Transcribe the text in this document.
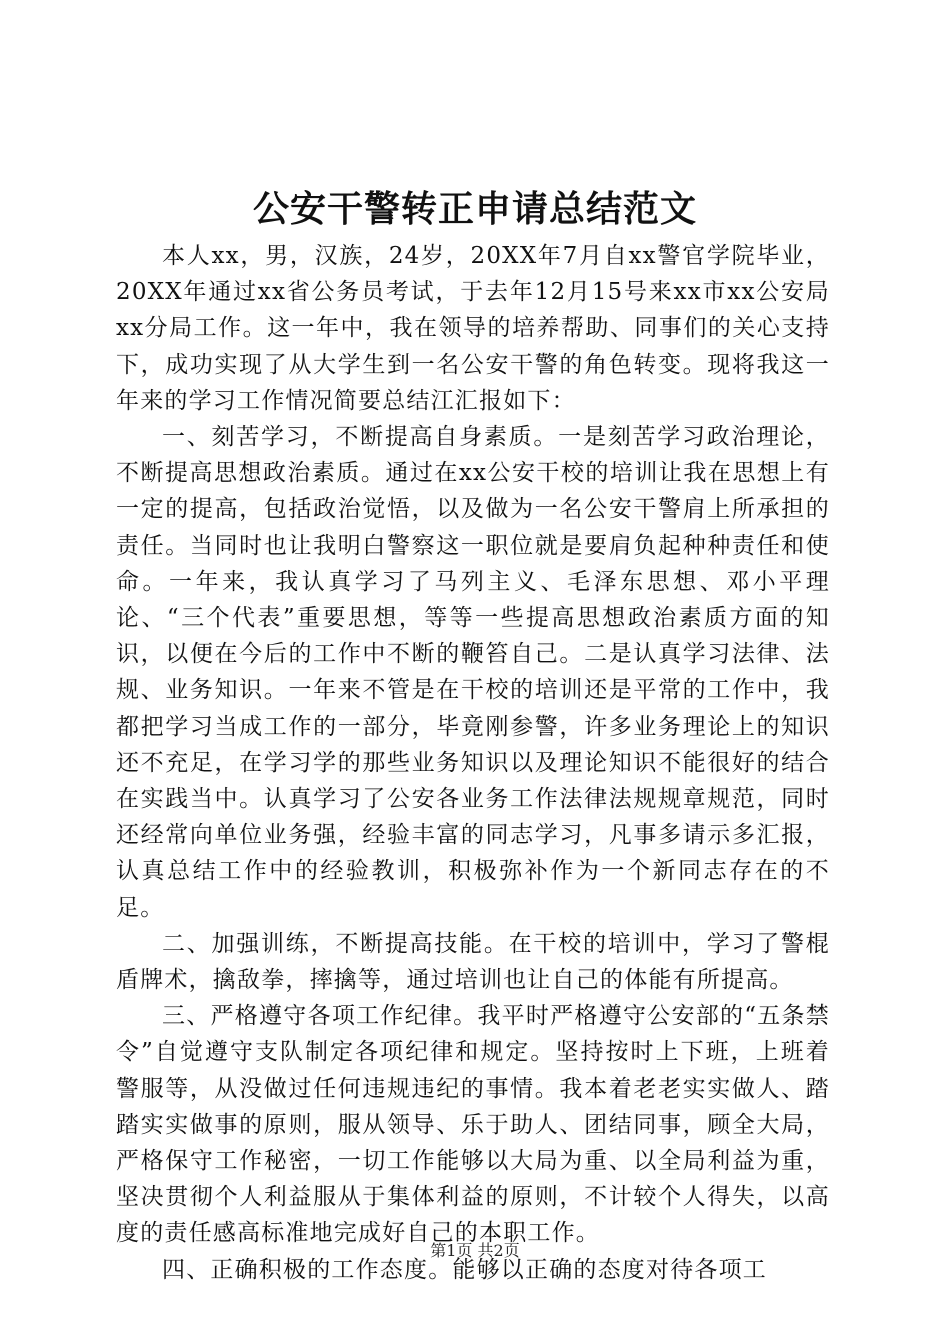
公安干警转正申请总结范文

本人xx，男，汉族，24岁，20XX年7月自xx警官学院毕业，20XX年通过xx省公务员考试，于去年12月15号来xx市xx公安局xx分局工作。这一年中，我在领导的培养帮助、同事们的关心支持下，成功实现了从大学生到一名公安干警的角色转变。现将我这一年来的学习工作情况简要总结江汇报如下：

一、刻苦学习，不断提高自身素质。一是刻苦学习政治理论，不断提高思想政治素质。通过在xx公安干校的培训让我在思想上有一定的提高，包括政治觉悟，以及做为一名公安干警肩上所承担的责任。当同时也让我明白警察这一职位就是要肩负起种种责任和使命。一年来，我认真学习了马列主义、毛泽东思想、邓小平理论、“三个代表”重要思想，等等一些提高思想政治素质方面的知识，以便在今后的工作中不断的鞭笞自己。二是认真学习法律、法规、业务知识。一年来不管是在干校的培训还是平常的工作中，我都把学习当成工作的一部分，毕竟刚参警，许多业务理论上的知识还不充足，在学习学的那些业务知识以及理论知识不能很好的结合在实践当中。认真学习了公安各业务工作法律法规规章规范，同时还经常向单位业务强，经验丰富的同志学习，凡事多请示多汇报，认真总结工作中的经验教训，积极弥补作为一个新同志存在的不足。

二、加强训练，不断提高技能。在干校的培训中，学习了警棍盾牌术，擒敌拳，摔擒等，通过培训也让自己的体能有所提高。

三、严格遵守各项工作纪律。我平时严格遵守公安部的“五条禁令”自觉遵守支队制定各项纪律和规定。坚持按时上下班，上班着警服等，从没做过任何违规违纪的事情。我本着老老实实做人、踏踏实实做事的原则，服从领导、乐于助人、团结同事，顾全大局，严格保守工作秘密，一切工作能够以大局为重、以全局利益为重，坚决贯彻个人利益服从于集体利益的原则，不计较个人得失，以高度的责任感高标准地完成好自己的本职工作。

四、正确积极的工作态度。能够以正确的态度对待各项工

第1页 共2页
